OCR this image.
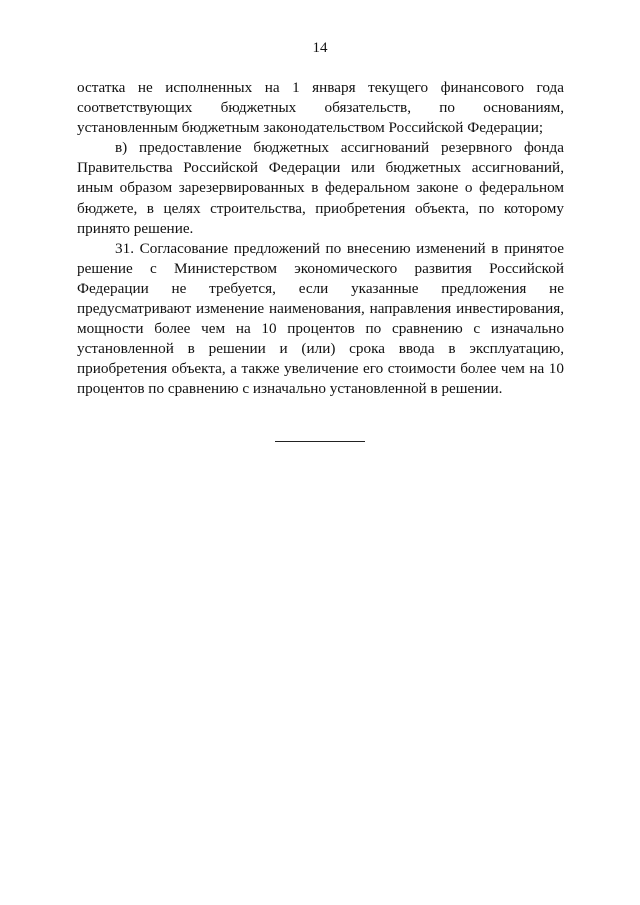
14

остатка не исполненных на 1 января текущего финансового года соответствующих бюджетных обязательств, по основаниям, установленным бюджетным законодательством Российской Федерации;

в) предоставление бюджетных ассигнований резервного фонда Правительства Российской Федерации или бюджетных ассигнований, иным образом зарезервированных в федеральном законе о федеральном бюджете, в целях строительства, приобретения объекта, по которому принято решение.

31. Согласование предложений по внесению изменений в принятое решение с Министерством экономического развития Российской Федерации не требуется, если указанные предложения не предусматривают изменение наименования, направления инвестирования, мощности более чем на 10 процентов по сравнению с изначально установленной в решении и (или) срока ввода в эксплуатацию, приобретения объекта, а также увеличение его стоимости более чем на 10 процентов по сравнению с изначально установленной в решении.
